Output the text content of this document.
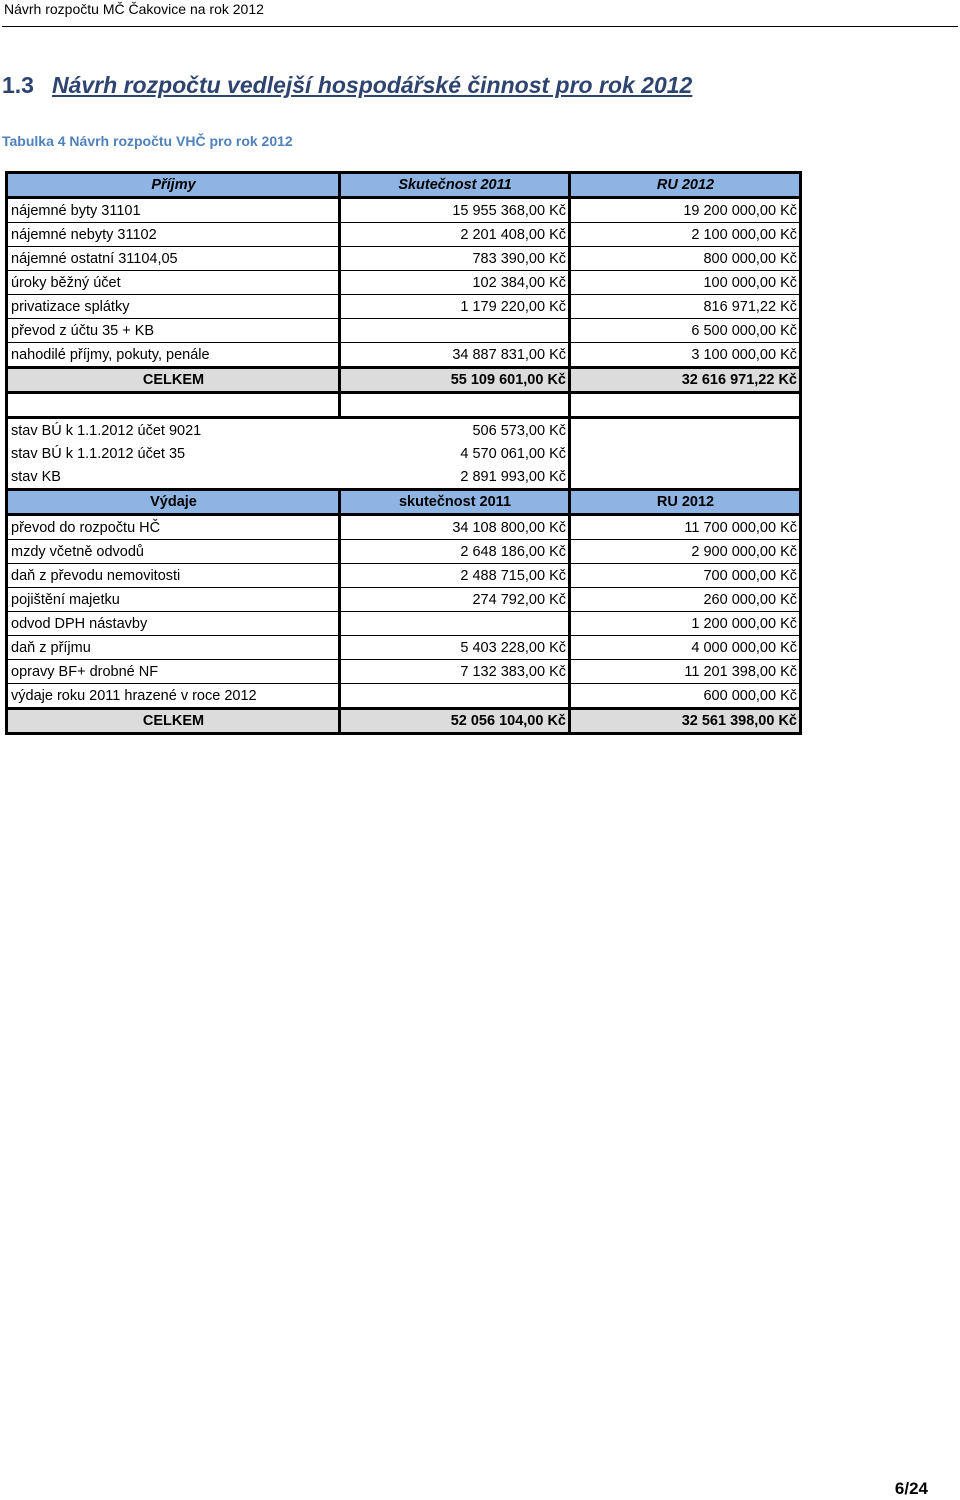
Návrh rozpočtu MČ Čakovice na rok 2012
1.3 Návrh rozpočtu vedlejší hospodářské činnost pro rok 2012
Tabulka 4 Návrh rozpočtu VHČ pro rok 2012
Příjmy	Skutečnost 2011	RU 2012
nájemné byty 31101	15 955 368,00 Kč	19 200 000,00 Kč
nájemné nebyty 31102	2 201 408,00 Kč	2 100 000,00 Kč
nájemné ostatní 31104,05	783 390,00 Kč	800 000,00 Kč
úroky běžný účet	102 384,00 Kč	100 000,00 Kč
privatizace splátky	1 179 220,00 Kč	816 971,22 Kč
převod z účtu 35 + KB		6 500 000,00 Kč
nahodilé příjmy, pokuty, penále	34 887 831,00 Kč	3 100 000,00 Kč
CELKEM	55 109 601,00 Kč	32 616 971,22 Kč

stav BÚ k 1.1.2012 účet 9021	506 573,00 Kč	
stav BÚ k 1.1.2012 účet 35	4 570 061,00 Kč	
stav KB	2 891 993,00 Kč	
Výdaje	skutečnost 2011	RU 2012
převod do rozpočtu HČ	34 108 800,00 Kč	11 700 000,00 Kč
mzdy včetně odvodů	2 648 186,00 Kč	2 900 000,00 Kč
daň z převodu nemovitosti	2 488 715,00 Kč	700 000,00 Kč
pojištění majetku	274 792,00 Kč	260 000,00 Kč
odvod DPH nástavby		1 200 000,00 Kč
daň z příjmu	5 403 228,00 Kč	4 000 000,00 Kč
opravy BF+ drobné NF	7 132 383,00 Kč	11 201 398,00 Kč
výdaje roku 2011 hrazené v roce 2012		600 000,00 Kč
CELKEM	52 056 104,00 Kč	32 561 398,00 Kč
6/24
